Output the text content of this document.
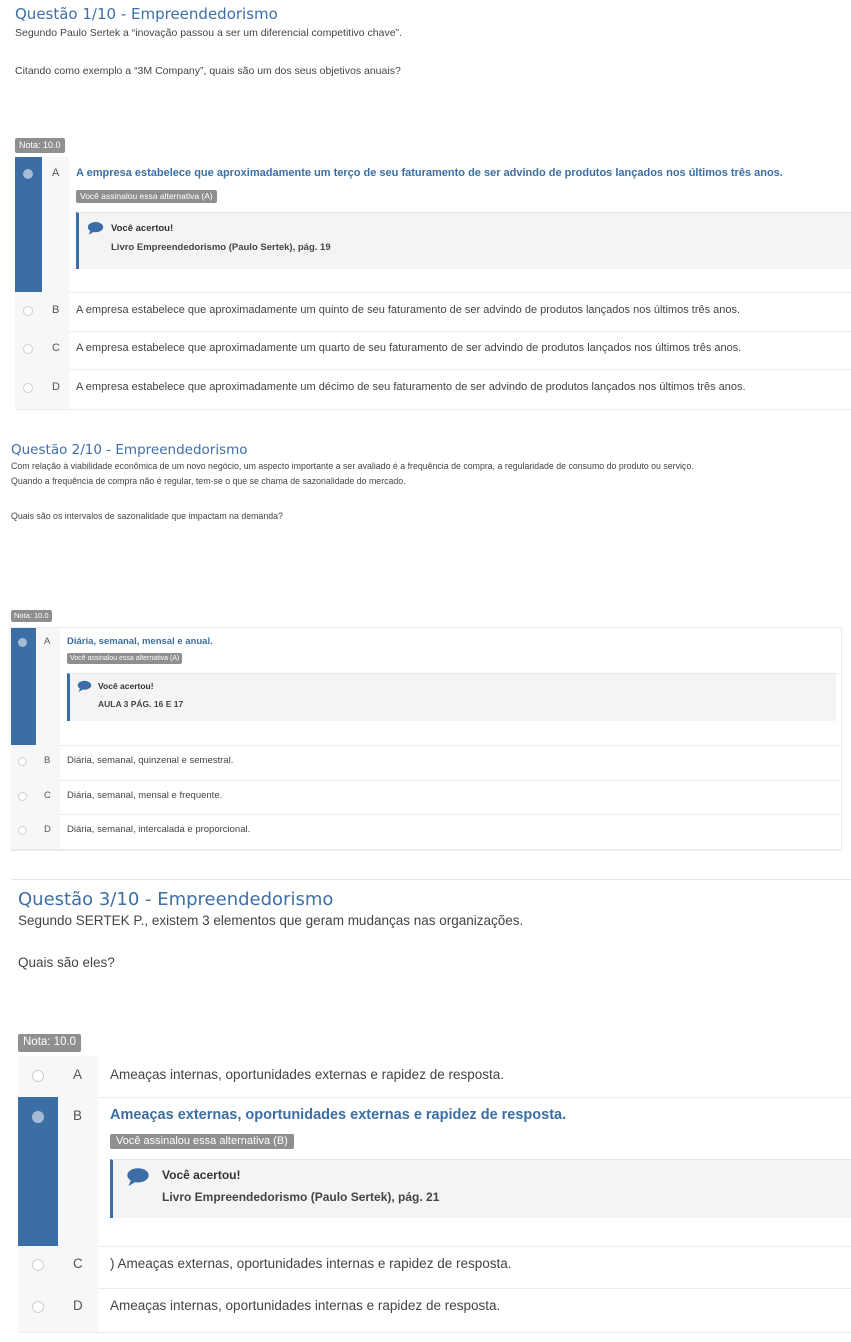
Questão 1/10 - Empreendedorismo
Segundo Paulo Sertek a “inovação passou a ser um diferencial competitivo chave”.
Citando como exemplo a “3M Company”, quais são um dos seus objetivos anuais?
Nota: 10.0
A A empresa estabelece que aproximadamente um terço de seu faturamento de ser advindo de produtos lançados nos últimos três anos.
Você assinalou essa alternativa (A)
Você acertou!
Livro Empreendedorismo (Paulo Sertek), pág. 19
B A empresa estabelece que aproximadamente um quinto de seu faturamento de ser advindo de produtos lançados nos últimos três anos.
C A empresa estabelece que aproximadamente um quarto de seu faturamento de ser advindo de produtos lançados nos últimos três anos.
D A empresa estabelece que aproximadamente um décimo de seu faturamento de ser advindo de produtos lançados nos últimos três anos.
Questão 2/10 - Empreendedorismo
Com relação à viabilidade econômica de um novo negócio, um aspecto importante a ser avaliado é a frequência de compra, a regularidade de consumo do produto ou serviço.
Quando a frequência de compra não é regular, tem-se o que se chama de sazonalidade do mercado.
Quais são os intervalos de sazonalidade que impactam na demanda?
Nota: 10.0
A Diária, semanal, mensal e anual.
Você assinalou essa alternativa (A)
Você acertou!
AULA 3 PÁG. 16 E 17
B Diária, semanal, quinzenal e semestral.
C Diária, semanal, mensal e frequente.
D Diária, semanal, intercalada e proporcional.
Questão 3/10 - Empreendedorismo
Segundo SERTEK P., existem 3 elementos que geram mudanças nas organizações.
Quais são eles?
Nota: 10.0
A Ameaças internas, oportunidades externas e rapidez de resposta.
B Ameaças externas, oportunidades externas e rapidez de resposta.
Você assinalou essa alternativa (B)
Você acertou!
Livro Empreendedorismo (Paulo Sertek), pág. 21
C ) Ameaças externas, oportunidades internas e rapidez de resposta.
D Ameaças internas, oportunidades internas e rapidez de resposta.
